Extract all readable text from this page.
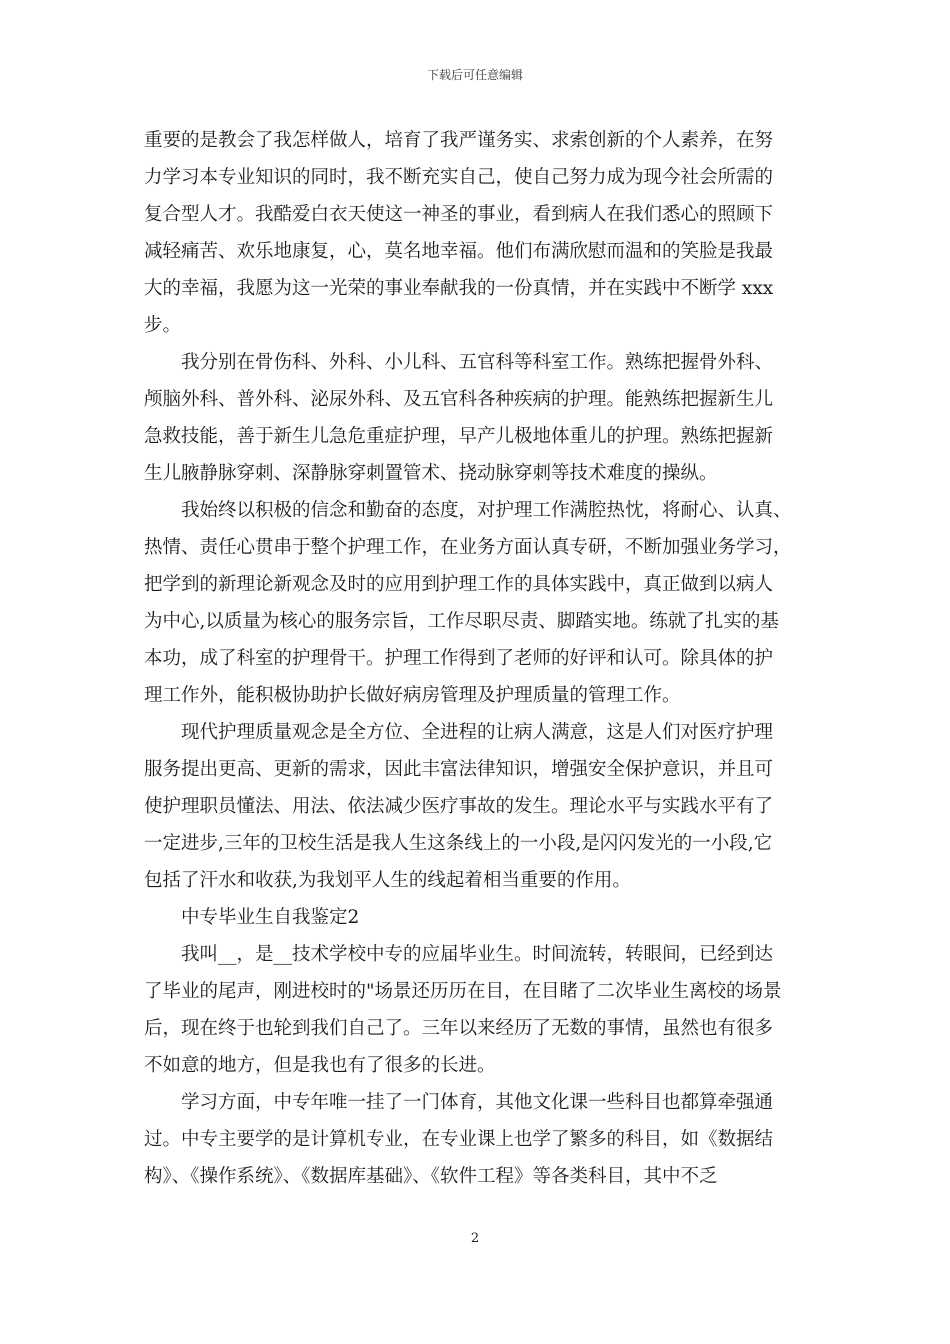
下载后可任意编辑
重要的是教会了我怎样做人，培育了我严谨务实、求索创新的个人素养，在努
力学习本专业知识的同时，我不断充实自己，使自己努力成为现今社会所需的
复合型人才。我酷爱白衣天使这一神圣的事业，看到病人在我们悉心的照顾下
减轻痛苦、欢乐地康复，心，莫名地幸福。他们布满欣慰而温和的笑脸是我最
大的幸福，我愿为这一光荣的事业奉献我的一份真情，并在实践中不断学 xxx
步。
我分别在骨伤科、外科、小儿科、五官科等科室工作。熟练把握骨外科、
颅脑外科、普外科、泌尿外科、及五官科各种疾病的护理。能熟练把握新生儿
急救技能，善于新生儿急危重症护理，早产儿极地体重儿的护理。熟练把握新
生儿腋静脉穿刺、深静脉穿刺置管术、挠动脉穿刺等技术难度的操纵。
我始终以积极的信念和勤奋的态度，对护理工作满腔热忱，将耐心、认真、
热情、责任心贯串于整个护理工作，在业务方面认真专研，不断加强业务学习，
把学到的新理论新观念及时的应用到护理工作的具体实践中，真正做到以病人
为中心,以质量为核心的服务宗旨，工作尽职尽责、脚踏实地。练就了扎实的基
本功，成了科室的护理骨干。护理工作得到了老师的好评和认可。除具体的护
理工作外，能积极协助护长做好病房管理及护理质量的管理工作。
现代护理质量观念是全方位、全进程的让病人满意，这是人们对医疗护理
服务提出更高、更新的需求，因此丰富法律知识，增强安全保护意识，并且可
使护理职员懂法、用法、依法减少医疗事故的发生。理论水平与实践水平有了
一定进步,三年的卫校生活是我人生这条线上的一小段,是闪闪发光的一小段,它
包括了汗水和收获,为我划平人生的线起着相当重要的作用。
中专毕业生自我鉴定2
我叫__，是__技术学校中专的应届毕业生。时间流转，转眼间，已经到达
了毕业的尾声，刚进校时的"场景还历历在目，在目睹了二次毕业生离校的场景
后，现在终于也轮到我们自己了。三年以来经历了无数的事情，虽然也有很多
不如意的地方，但是我也有了很多的长进。
学习方面，中专年唯一挂了一门体育，其他文化课一些科目也都算牵强通
过。中专主要学的是计算机专业，在专业课上也学了繁多的科目，如《数据结
构》、《操作系统》、《数据库基础》、《软件工程》等各类科目，其中不乏
2
